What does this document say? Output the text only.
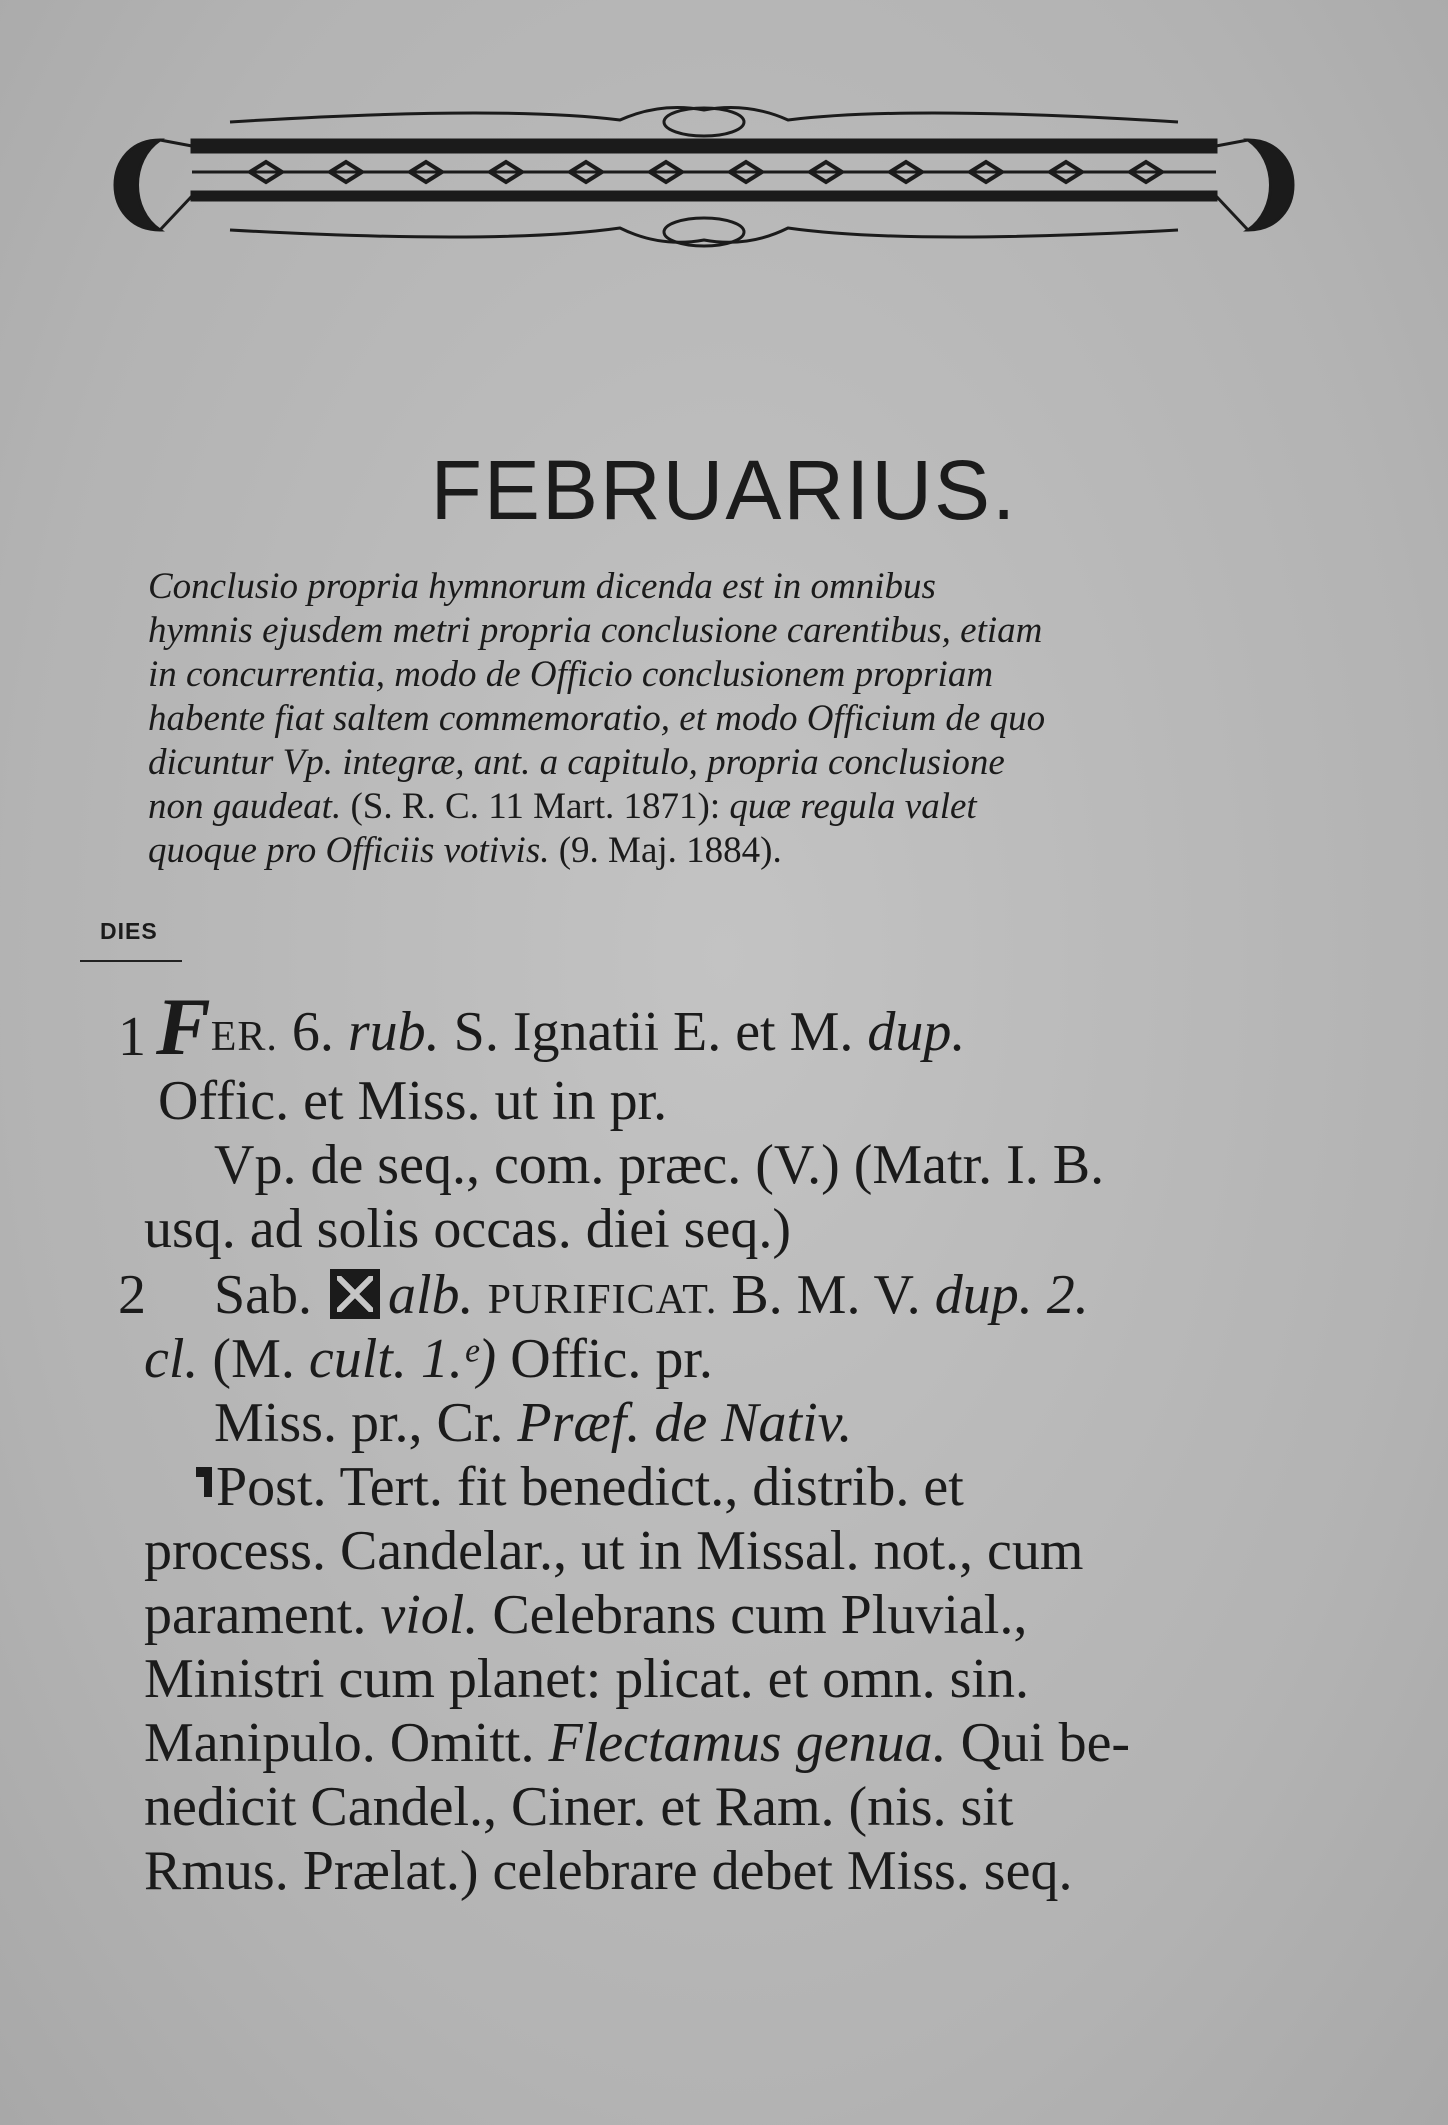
FEBRUARIUS.
Conclusio propria hymnorum dicenda est in omnibus
hymnis ejusdem metri propria conclusione carentibus, etiam
in concurrentia, modo de Officio conclusionem propriam
habente fiat saltem commemoratio, et modo Officium de quo
dicuntur Vp. integræ, ant. a capitulo, propria conclusione
non gaudeat. (S. R. C. 11 Mart. 1871): quæ regula valet
quoque pro Officiis votivis. (9. Maj. 1884).
DIES
1 FER. 6. rub. S. Ignatii E. et M. dup.
Offic. et Miss. ut in pr.
Vp. de seq., com. præc. (V.) (Matr. I. B.
usq. ad solis occas. diei seq.)
2 Sab. alb. PURIFICAT. B. M. V. dup. 2.
cl. (M. cult. 1.ᵉ) Offic. pr.
Miss. pr., Cr. Præf. de Nativ.
Post. Tert. fit benedict., distrib. et
process. Candelar., ut in Missal. not., cum
parament. viol. Celebrans cum Pluvial.,
Ministri cum planet: plicat. et omn. sin.
Manipulo. Omitt. Flectamus genua. Qui be-
nedicit Candel., Ciner. et Ram. (nis. sit
Rmus. Prælat.) celebrare debet Miss. seq.
